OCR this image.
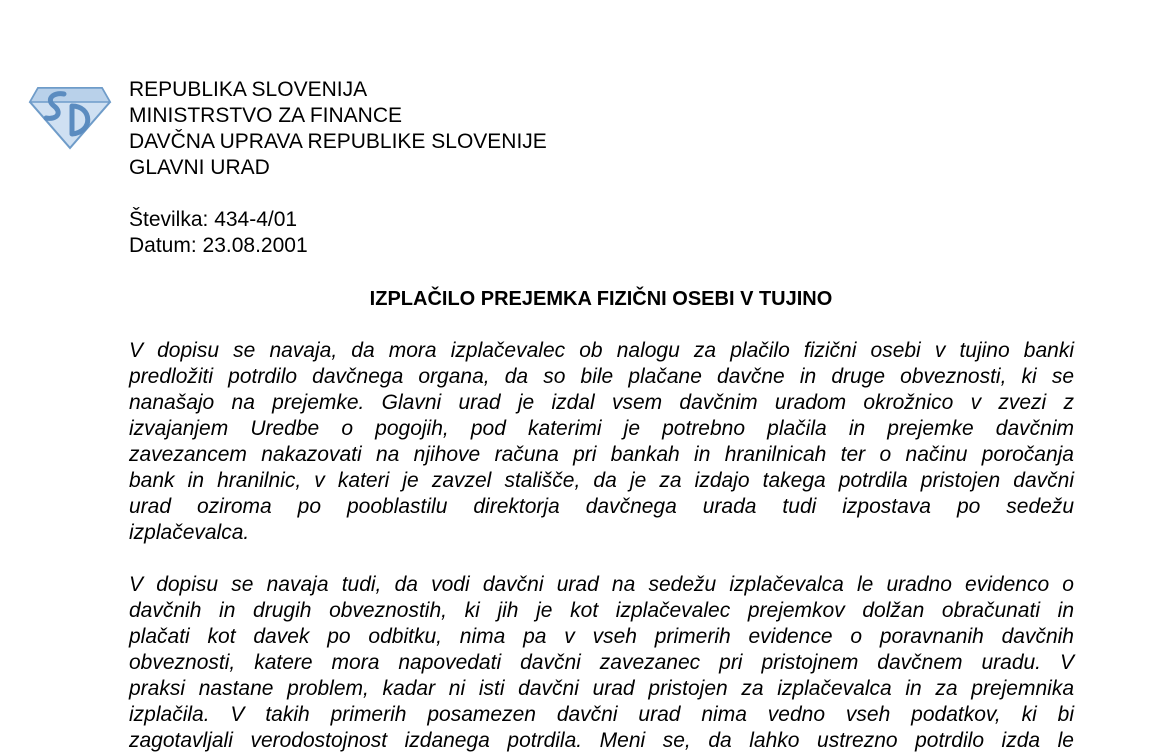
REPUBLIKA SLOVENIJA
MINISTRSTVO ZA FINANCE
DAVČNA UPRAVA REPUBLIKE SLOVENIJE
GLAVNI URAD
Številka: 434-4/01
Datum: 23.08.2001
IZPLAČILO PREJEMKA FIZIČNI OSEBI V TUJINO
V dopisu se navaja, da mora izplačevalec ob nalogu za plačilo fizični osebi v tujino banki
predložiti potrdilo davčnega organa, da so bile plačane davčne in druge obveznosti, ki se
nanašajo na prejemke. Glavni urad je izdal vsem davčnim uradom okrožnico v zvezi z
izvajanjem Uredbe o pogojih, pod katerimi je potrebno plačila in prejemke davčnim
zavezancem nakazovati na njihove računa pri bankah in hranilnicah ter o načinu poročanja
bank in hranilnic, v kateri je zavzel stališče, da je za izdajo takega potrdila pristojen davčni
urad oziroma po pooblastilu direktorja davčnega urada tudi izpostava po sedežu
izplačevalca.
V dopisu se navaja tudi, da vodi davčni urad na sedežu izplačevalca le uradno evidenco o
davčnih in drugih obveznostih, ki jih je kot izplačevalec prejemkov dolžan obračunati in
plačati kot davek po odbitku, nima pa v vseh primerih evidence o poravnanih davčnih
obveznosti, katere mora napovedati davčni zavezanec pri pristojnem davčnem uradu. V
praksi nastane problem, kadar ni isti davčni urad pristojen za izplačevalca in za prejemnika
izplačila. V takih primerih posamezen davčni urad nima vedno vseh podatkov, ki bi
zagotavljali verodostojnost izdanega potrdila. Meni se, da lahko ustrezno potrdilo izda le
